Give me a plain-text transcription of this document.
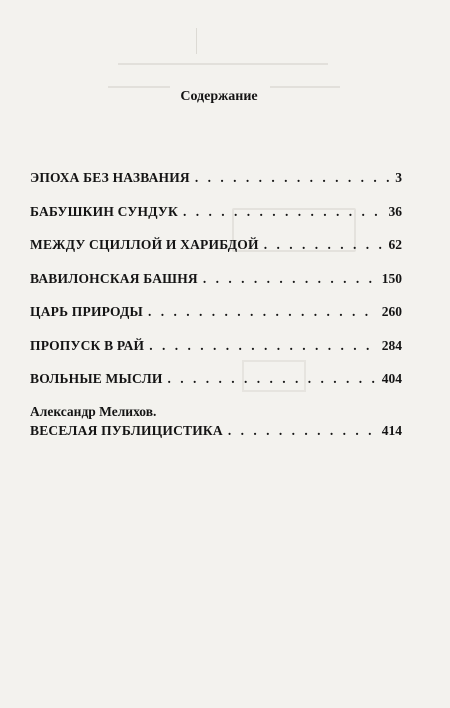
Содержание
ЭПОХА БЕЗ НАЗВАНИЯ . . .	3
БАБУШКИН СУНДУК . . .	36
МЕЖДУ СЦИЛЛОЙ И ХАРИБДОЙ . . .	62
ВАВИЛОНСКАЯ БАШНЯ . . .	150
ЦАРЬ ПРИРОДЫ . . .	260
ПРОПУСК В РАЙ . . .	284
ВОЛЬНЫЕ МЫСЛИ . . .	404
Александр Мелихов.
ВЕСЕЛАЯ ПУБЛИЦИСТИКА . . .	414
